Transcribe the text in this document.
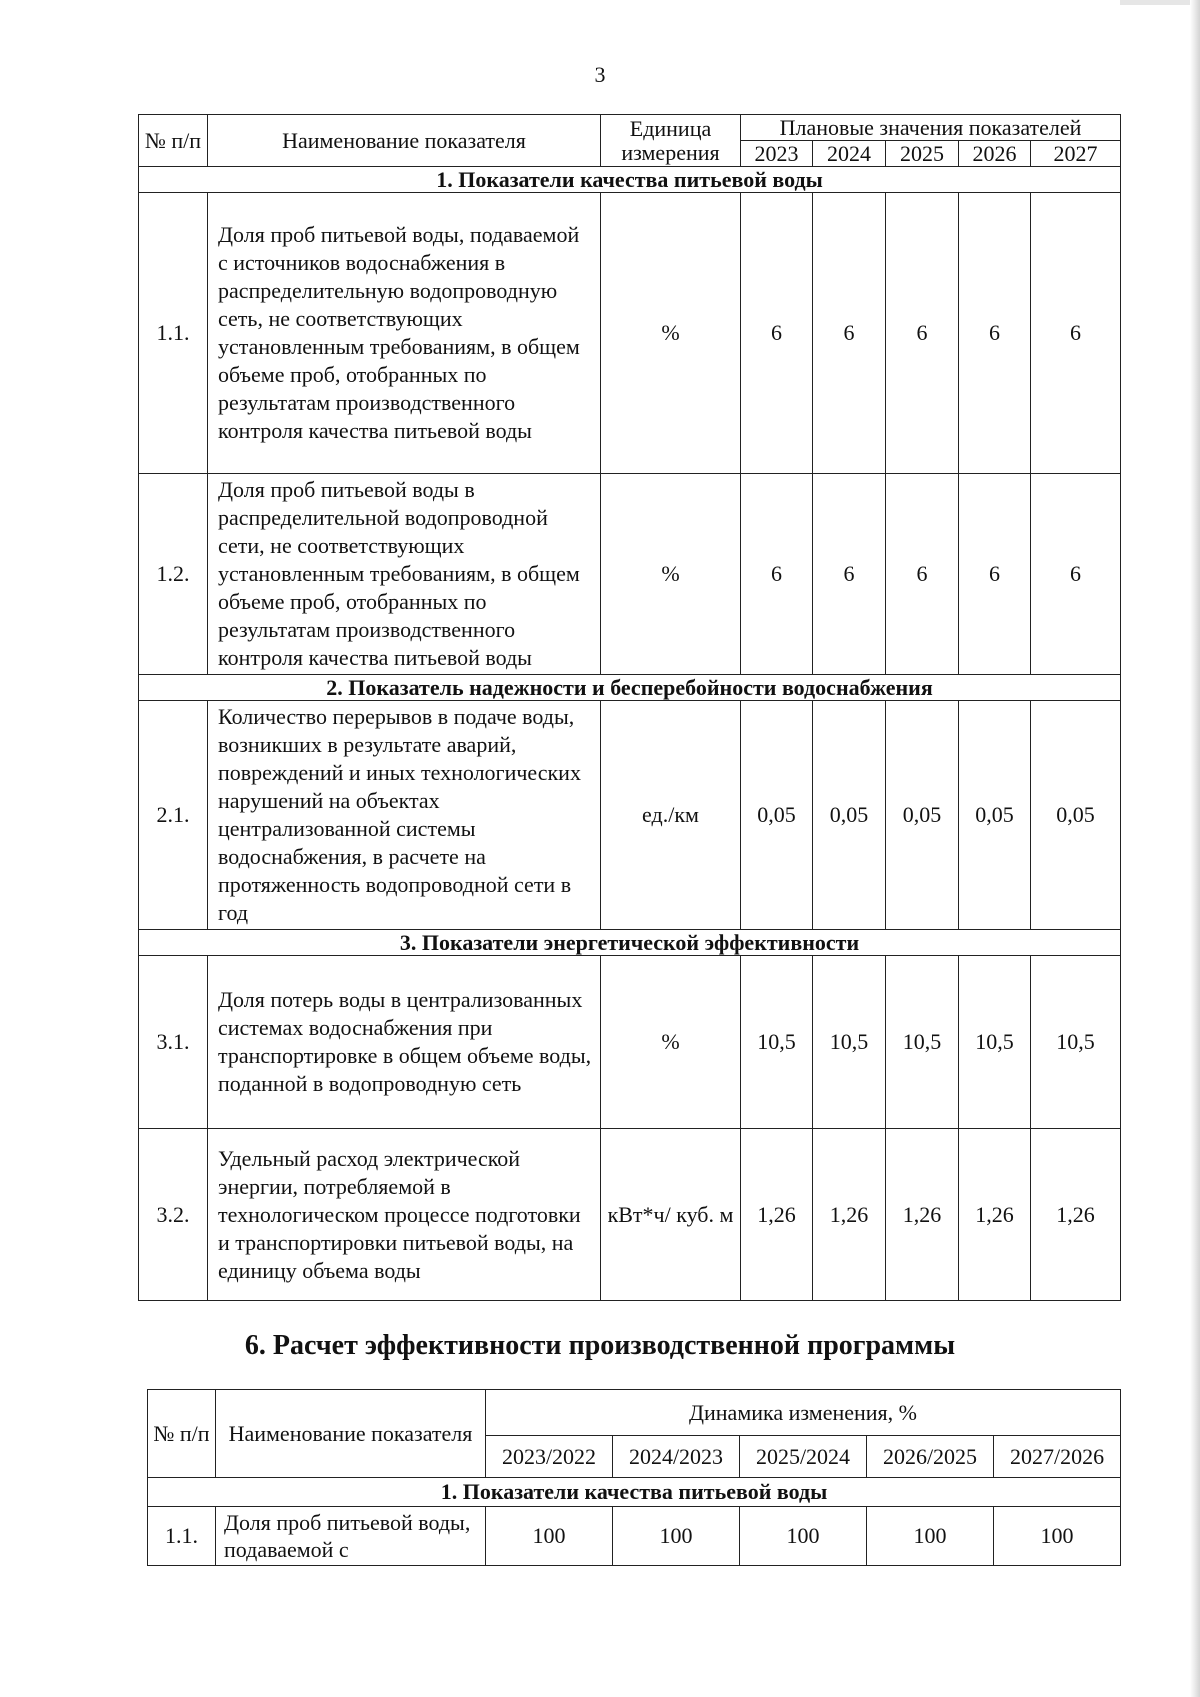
3
№ п/п	Наименование показателя	Единица измерения	Плановые значения показателей				
			2023	2024	2025	2026	2027
1. Показатели качества питьевой воды							
1.1.	Доля проб питьевой воды, подаваемой с источников водоснабжения в распределительную водопроводную сеть, не соответствующих установленным требованиям, в общем объеме проб, отобранных по результатам производственного контроля качества питьевой воды	%	6	6	6	6	6
1.2.	Доля проб питьевой воды в распределительной водопроводной сети, не соответствующих установленным требованиям, в общем объеме проб, отобранных по результатам производственного контроля качества питьевой воды	%	6	6	6	6	6
2. Показатель надежности и бесперебойности водоснабжения							
2.1.	Количество перерывов в подаче воды, возникших в результате аварий, повреждений и иных технологических нарушений на объектах централизованной системы водоснабжения, в расчете на протяженность водопроводной сети в год	ед./км	0,05	0,05	0,05	0,05	0,05
3. Показатели энергетической эффективности							
3.1.	Доля потерь воды в централизованных системах водоснабжения при транспортировке в общем объеме воды, поданной в водопроводную сеть	%	10,5	10,5	10,5	10,5	10,5
3.2.	Удельный расход электрической энергии, потребляемой в технологическом процессе подготовки и транспортировки питьевой воды, на единицу объема воды	кВт*ч/ куб. м	1,26	1,26	1,26	1,26	1,26
6. Расчет эффективности производственной программы
№ п/п	Наименование показателя	Динамика изменения, %				
		2023/2022	2024/2023	2025/2024	2026/2025	2027/2026
1. Показатели качества питьевой воды						
1.1.	Доля проб питьевой воды, подаваемой с	100	100	100	100	100
